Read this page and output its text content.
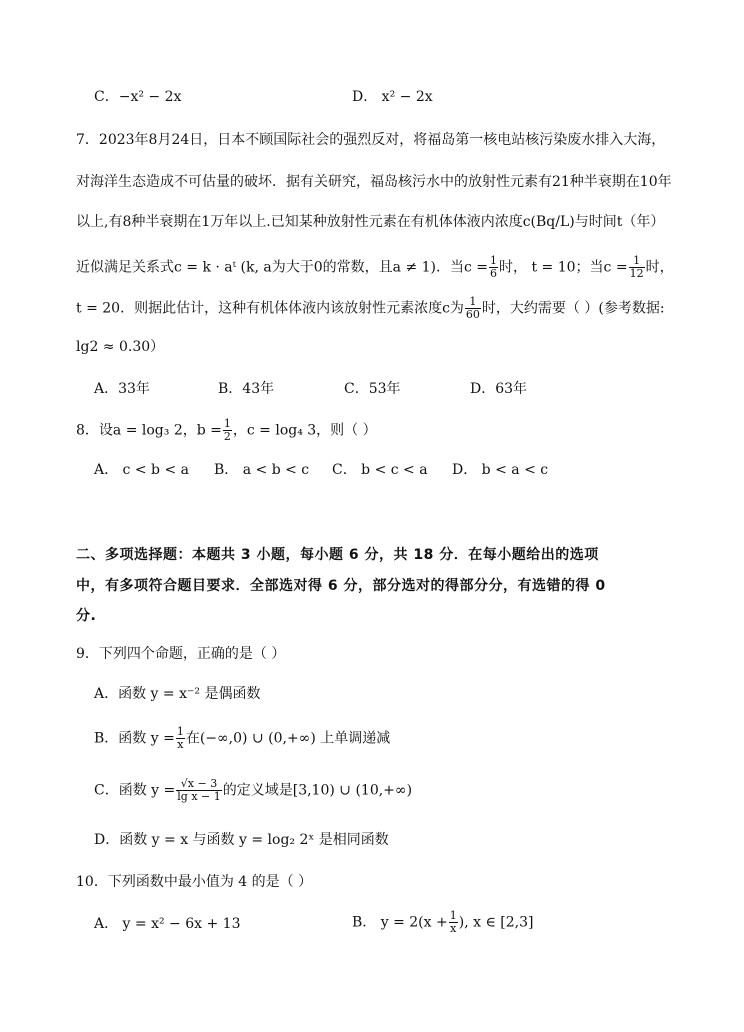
C．−x² − 2x	D． x² − 2x
7．2023年8月24日，日本不顾国际社会的强烈反对，将福岛第一核电站核污染废水排入大海，
对海洋生态造成不可估量的破坏．据有关研究，福岛核污水中的放射性元素有21种半衰期在10年
以上,有8种半衰期在1万年以上.已知某种放射性元素在有机体体液内浓度c(Bq/L)与时间t（年）
近似满足关系式c = k · aᵗ (k, a为大于0的常数，且a ≠ 1)．当$c = \frac{1}{6}$ 时， t = 10；当$c = \frac{1}{12}$ 时，
t = 20．则据此估计，这种有机体体液内该放射性元素浓度c为 $\frac{1}{60}$ 时，大约需要（ ）(参考数据:
lg2 ≈ 0.30）
A．33年	B．43年	C．53年	D．63年
8．设a = log₃ 2，$b = \frac{1}{2}$ ，c = log₄ 3，则（ ）
A． c < b < a B． a < b < c C． b < c < a D． b < a < c
二、多项选择题：本题共 3 小题，每小题 6 分，共 18 分．在每小题给出的选项
中，有多项符合题目要求．全部选对得 6 分，部分选对的得部分分，有选错的得 0
分.
9．下列四个命题，正确的是（ ）
A．函数 y = x⁻² 是偶函数
B．函数 $y = \frac{1}{x}$ 在(−∞,0) ∪ (0,+∞) 上单调递减
C．函数 $y = \frac{√x - 3}{\text{lg x − 1}}$ 的定义域是[3,10) ∪ (10,+∞)
D．函数 y = x 与函数 y = log₂ 2ˣ 是相同函数
10．下列函数中最小值为 4 的是（ ）
A． y = x² − 6x + 13	B． $y = 2(x + \frac{1}{x}$ ), x ∈ [2,3]
